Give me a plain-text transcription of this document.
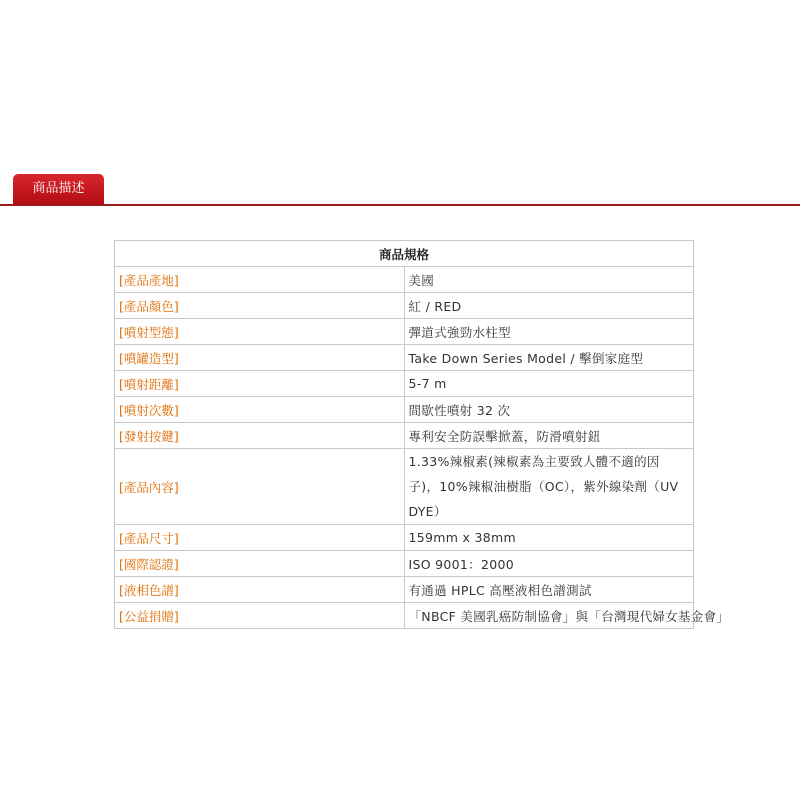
商品描述
商品規格	
[產品產地]	美國
[產品顏色]	紅 / RED
[噴射型態]	彈道式強勁水柱型
[噴罐造型]	Take Down Series Model / 擊倒家庭型
[噴射距離]	5-7 m
[噴射次數]	間歇性噴射 32 次
[發射按鍵]	專利安全防誤擊掀蓋，防滑噴射鈕
[產品內容]	1.33%辣椒素(辣椒素為主要致人體不適的因子)，10%辣椒油樹脂（OC），紫外線染劑（UV DYE）
[產品尺寸]	159mm x 38mm
[國際認證]	ISO 9001：2000
[液相色譜]	有通過 HPLC 高壓液相色譜測試
[公益捐贈]	「NBCF 美國乳癌防制協會」與「台灣現代婦女基金會」
